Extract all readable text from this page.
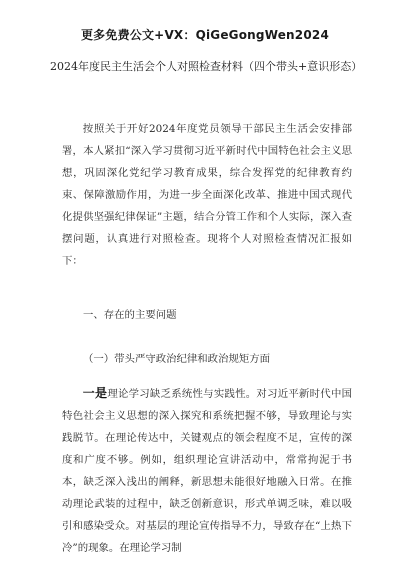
更多免费公文+VX：QiGeGongWen2024
2024年度民主生活会个人对照检查材料（四个带头+意识形态）
按照关于开好2024年度党员领导干部民主生活会安排部署，本人紧扣“深入学习贯彻习近平新时代中国特色社会主义思想，巩固深化党纪学习教育成果，综合发挥党的纪律教育约束、保障激励作用，为进一步全面深化改革、推进中国式现代化提供坚强纪律保证”主题，结合分管工作和个人实际，深入查摆问题，认真进行对照检查。现将个人对照检查情况汇报如下：
一、存在的主要问题
（一）带头严守政治纪律和政治规矩方面
一是理论学习缺乏系统性与实践性。对习近平新时代中国特色社会主义思想的深入探究和系统把握不够，导致理论与实践脱节。在理论传达中，关键观点的领会程度不足，宣传的深度和广度不够。例如，组织理论宣讲活动中，常常拘泥于书本，缺乏深入浅出的阐释，新思想未能很好地融入日常。在推动理论武装的过程中，缺乏创新意识，形式单调乏味，难以吸引和感染受众。对基层的理论宣传指导不力，导致存在“上热下冷”的现象。在理论学习制
